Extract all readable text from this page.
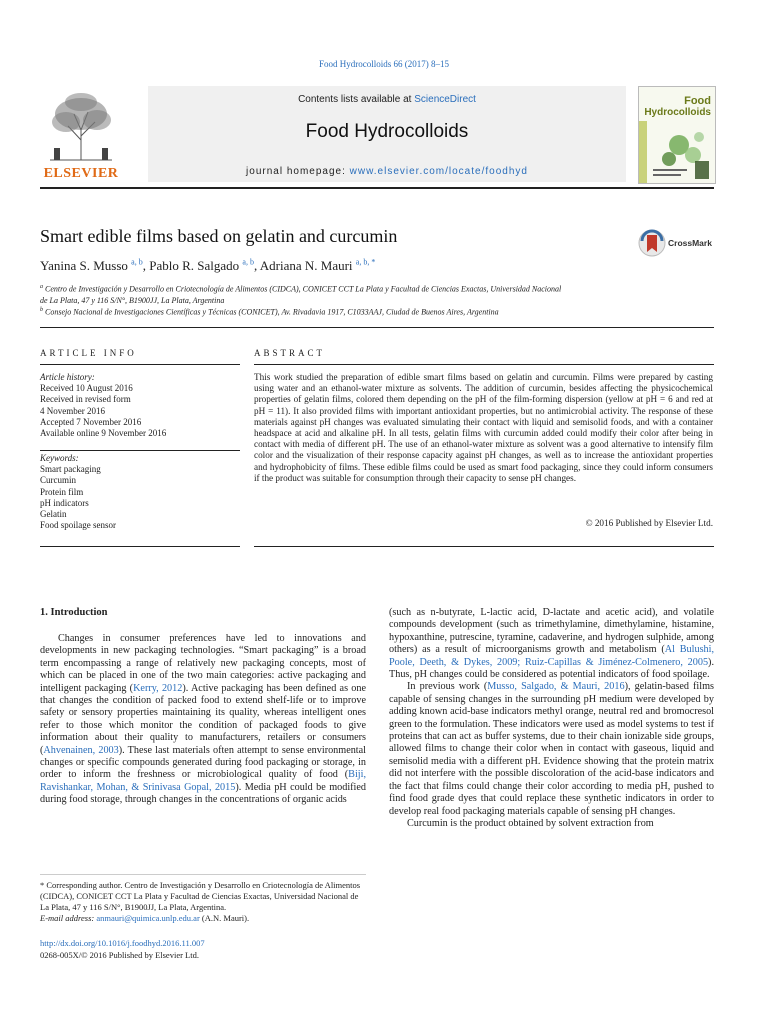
Food Hydrocolloids 66 (2017) 8–15
ELSEVIER
Contents lists available at ScienceDirect
Food Hydrocolloids
journal homepage: www.elsevier.com/locate/foodhyd
Food
Hydrocolloids
Smart edible films based on gelatin and curcumin	CrossMark
Yanina S. Musso $^{a, b}$, Pablo R. Salgado $^{a, b}$, Adriana N. Mauri $^{a, b, *}$
$^a$ Centro de Investigación y Desarrollo en Criotecnología de Alimentos (CIDCA), CONICET CCT La Plata y Facultad de Ciencias Exactas, Universidad Nacional
de La Plata, 47 y 116 S/N°, B1900JJ, La Plata, Argentina
$^b$ Consejo Nacional de Investigaciones Científicas y Técnicas (CONICET), Av. Rivadavia 1917, C1033AAJ, Ciudad de Buenos Aires, Argentina
ARTICLE INFO	ABSTRACT
Article history:
Received 10 August 2016
Received in revised form
4 November 2016
Accepted 7 November 2016
Available online 9 November 2016
Keywords:
Smart packaging
Curcumin
Protein film
pH indicators
Gelatin
Food spoilage sensor
This work studied the preparation of edible smart films based on gelatin and curcumin. Films were prepared by casting using water and an ethanol-water mixture as solvents. The addition of curcumin, besides affecting the physicochemical properties of gelatin films, colored them depending on the pH of the film-forming dispersion (yellow at pH = 6 and red at pH = 11). It also provided films with important antioxidant properties, but no antimicrobial activity. The response of these materials against pH changes was evaluated simulating their contact with liquid and semisolid foods, and with a container headspace at acid and alkaline pH. In all tests, gelatin films with curcumin added could modify their color after being in contact with media of different pH. The use of an ethanol-water mixture as solvent was a good alternative to intensify film color and the visualization of their response capacity against pH changes, as well as to increase the antioxidant properties and hydrophobicity of films. These edible films could be used as smart food packaging, since they could inform consumers if the product was suitable for consumption through their capacity to sense pH changes.
© 2016 Published by Elsevier Ltd.
1. Introduction

Changes in consumer preferences have led to innovations and developments in new packaging technologies. “Smart packaging” is a broad term encompassing a range of relatively new packaging concepts, most of which can be placed in one of the two main categories: active packaging and intelligent packaging (Kerry, 2012). Active packaging has been defined as one that changes the condition of packed food to extend shelf-life or to improve safety or sensory properties maintaining its quality, whereas intelligent ones refer to those which monitor the condition of packaged foods to give information about their quality to manufacturers, retailers or consumers (Ahvenainen, 2003). These last materials often attempt to sense environmental changes or specific compounds generated during food packaging or storage, in order to inform the freshness or microbiological quality of food (Biji, Ravishankar, Mohan, & Srinivasa Gopal, 2015). Media pH could be modified during food storage, through changes in the concentrations of organic acids

(such as n-butyrate, L-lactic acid, D-lactate and acetic acid), and volatile compounds development (such as trimethylamine, dimethylamine, histamine, hypoxanthine, putrescine, tyramine, cadaverine, and hydrogen sulphide, among others) as a result of microorganisms growth and metabolism (Al Bulushi, Poole, Deeth, & Dykes, 2009; Ruiz-Capillas & Jiménez-Colmenero, 2005). Thus, pH changes could be considered as potential indicators of food spoilage.

In previous work (Musso, Salgado, & Mauri, 2016), gelatin-based films capable of sensing changes in the surrounding pH medium were developed by adding known acid-base indicators methyl orange, neutral red and bromocresol green to the formulation. These indicators were used as model systems to test if proteins that can act as buffer systems, due to their chain ionizable side groups, allowed films to change their color when in contact with gaseous, liquid and semisolid media with a different pH. Evidence showing that the protein matrix did not interfere with the possible discoloration of the acid-base indicators and the fact that films could change their color according to media pH, pushed to find food grade dyes that could replace these synthetic indicators in order to develop real food packaging materials capable of sensing pH changes.

Curcumin is the product obtained by solvent extraction from

* Corresponding author. Centro de Investigación y Desarrollo en Criotecnología de Alimentos (CIDCA), CONICET CCT La Plata y Facultad de Ciencias Exactas, Universidad Nacional de La Plata, 47 y 116 S/N°, B1900JJ, La Plata, Argentina.
E-mail address: anmauri@quimica.unlp.edu.ar (A.N. Mauri).
http://dx.doi.org/10.1016/j.foodhyd.2016.11.007
0268-005X/© 2016 Published by Elsevier Ltd.
